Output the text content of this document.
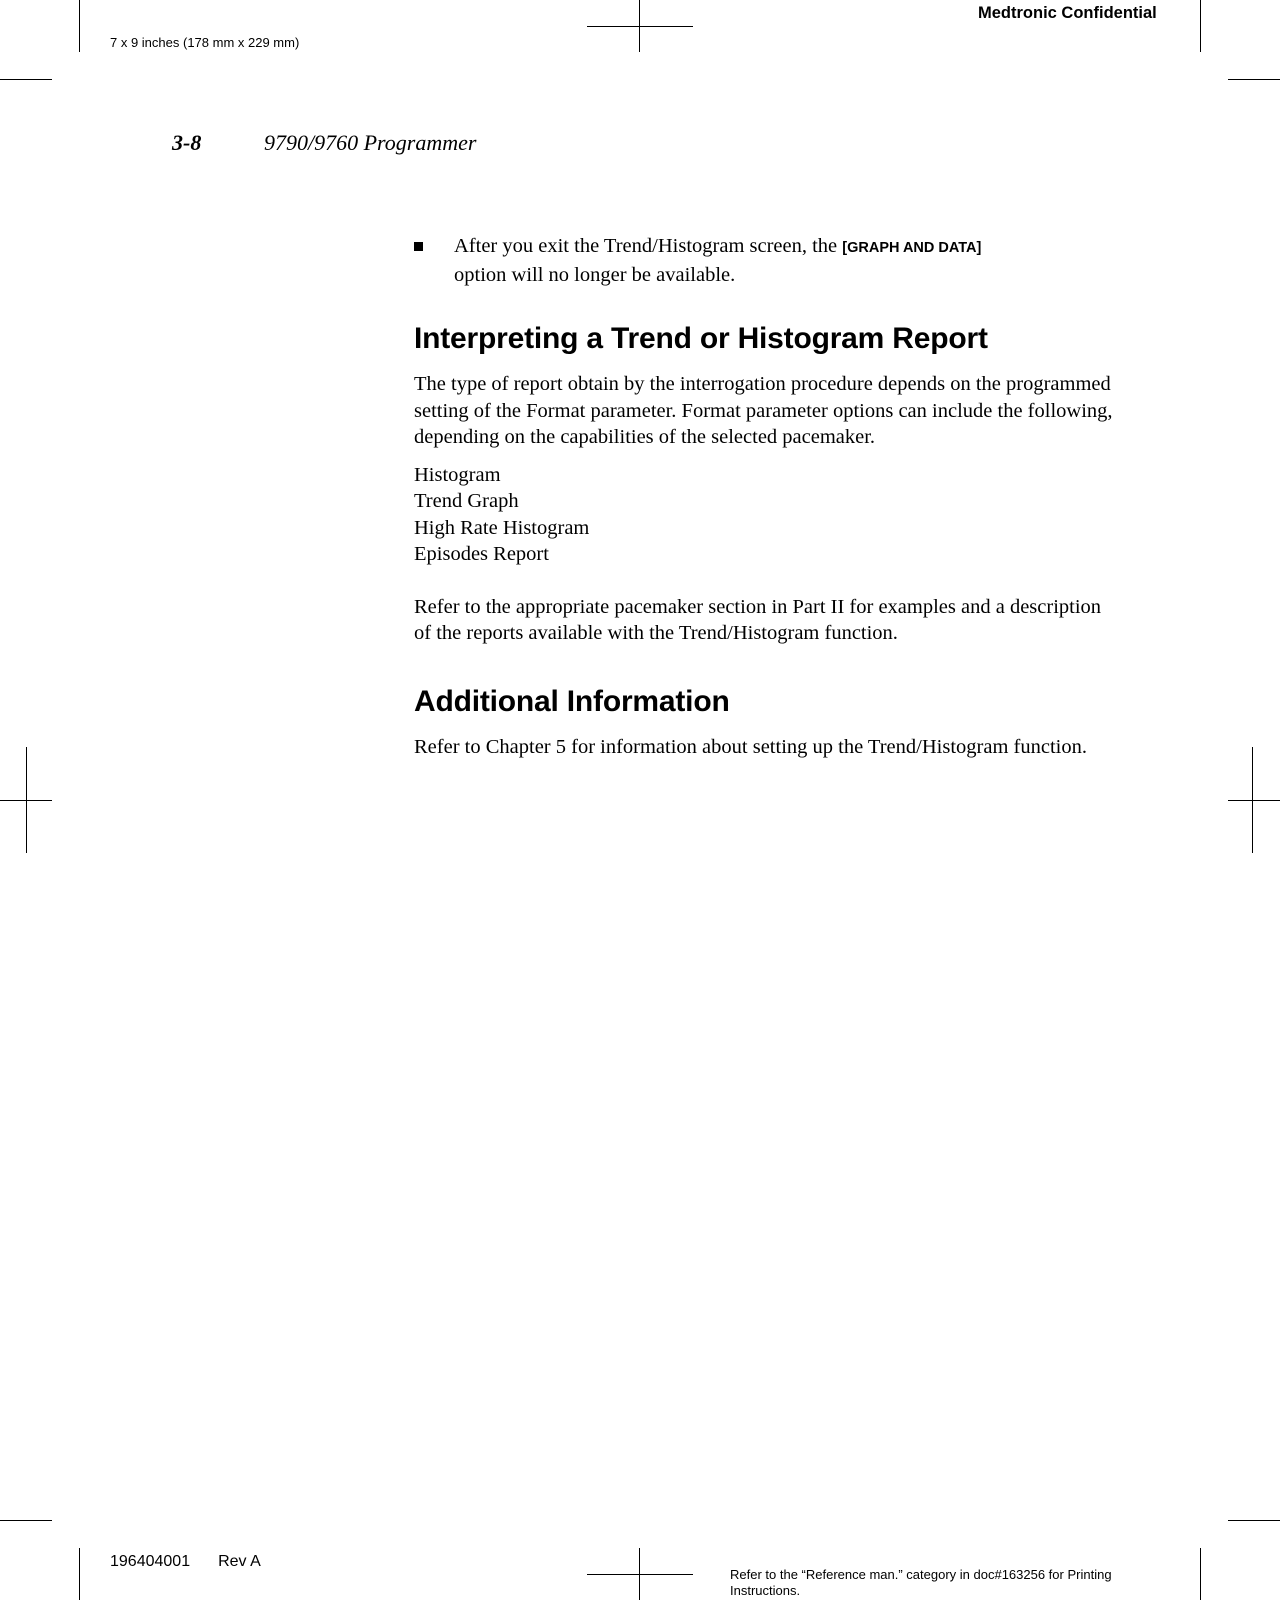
Medtronic Confidential
7 x 9 inches (178 mm x 229 mm)
3-8	9790/9760 Programmer
After you exit the Trend/Histogram screen, the [GRAPH AND DATA]
option will no longer be available.
Interpreting a Trend or Histogram Report

The type of report obtain by the interrogation procedure depends on the programmed setting of the Format parameter. Format parameter options can include the following, depending on the capabilities of the selected pacemaker.

Histogram
Trend Graph
High Rate Histogram
Episodes Report

Refer to the appropriate pacemaker section in Part II for examples and a description of the reports available with the Trend/Histogram function.

Additional Information

Refer to Chapter 5 for information about setting up the Trend/Histogram function.

196404001 Rev A
Refer to the “Reference man.” category in doc#163256 for Printing Instructions.
